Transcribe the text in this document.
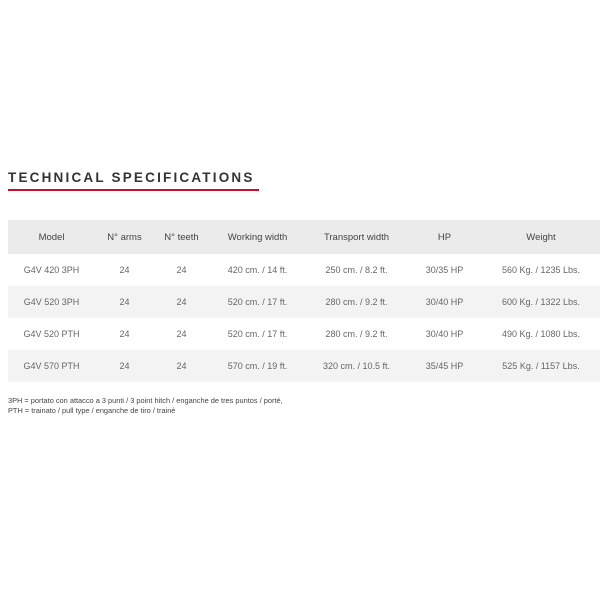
TECHNICAL SPECIFICATIONS
Model	N° arms	N° teeth	Working width	Transport width	HP	Weight
G4V 420 3PH	24	24	420 cm. / 14 ft.	250 cm. / 8.2 ft.	30/35 HP	560 Kg. / 1235 Lbs.
G4V 520 3PH	24	24	520 cm. / 17 ft.	280 cm. / 9.2 ft.	30/40 HP	600 Kg. / 1322 Lbs.
G4V 520 PTH	24	24	520 cm. / 17 ft.	280 cm. / 9.2 ft.	30/40 HP	490 Kg. / 1080 Lbs.
G4V 570 PTH	24	24	570 cm. / 19 ft.	320 cm. / 10.5 ft.	35/45 HP	525 Kg. / 1157 Lbs.
3PH = portato con attacco a 3 punti / 3 point hitch / enganche de tres puntos / porté,
PTH = trainato / pull type / enganche de tiro / trainé
